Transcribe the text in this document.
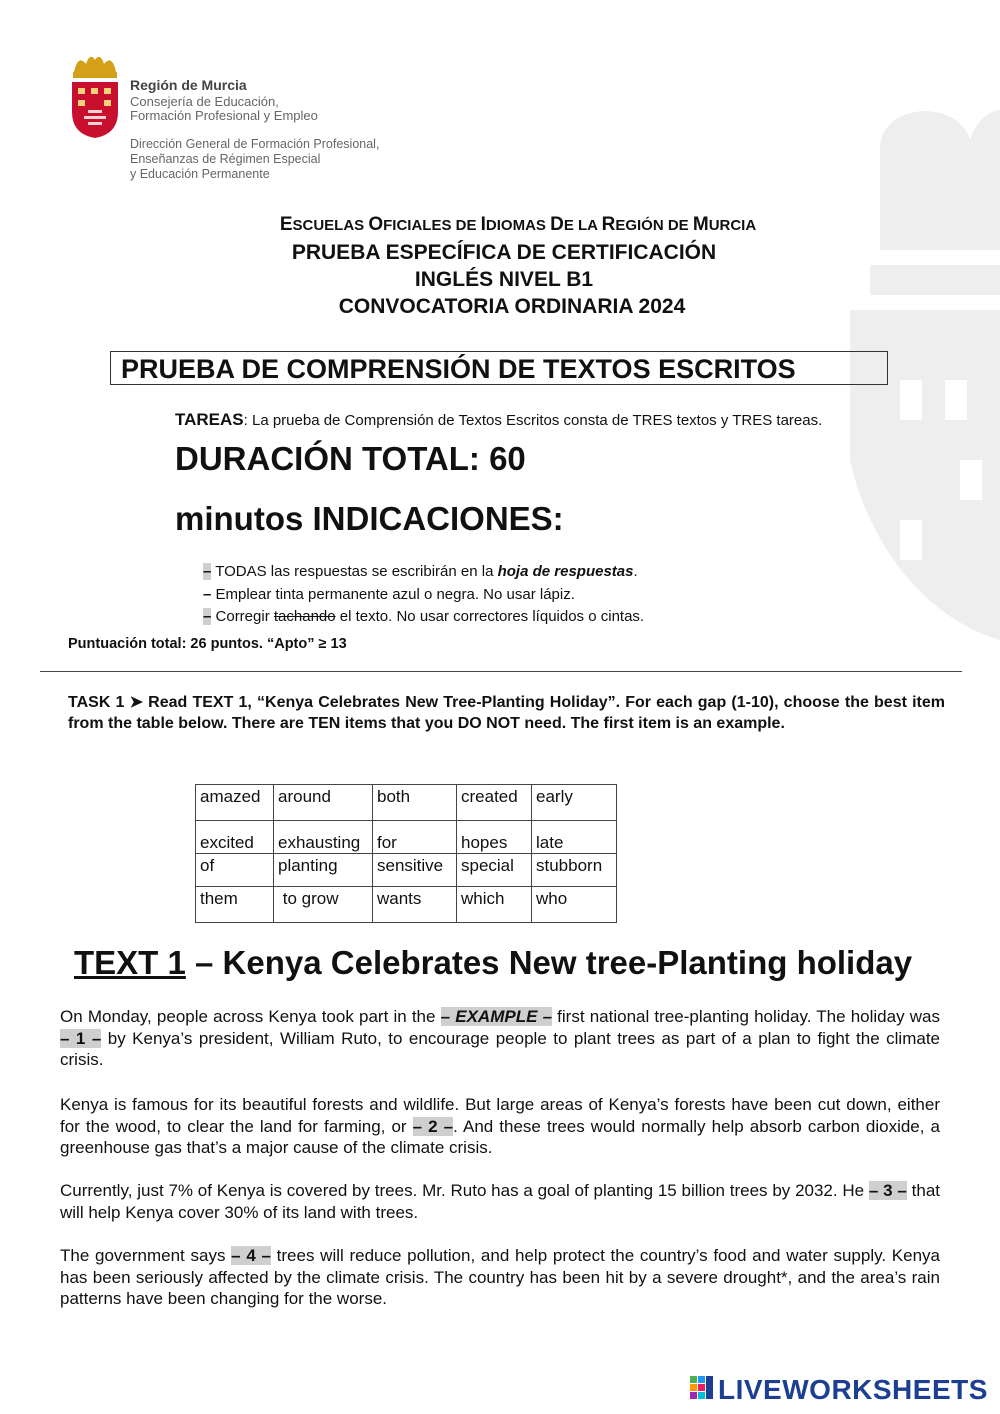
Región de Murcia
Consejería de Educación,
Formación Profesional y Empleo
Dirección General de Formación Profesional,
Enseñanzas de Régimen Especial
y Educación Permanente
ESCUELAS OFICIALES DE IDIOMAS DE LA REGIÓN DE MURCIA
PRUEBA ESPECÍFICA DE CERTIFICACIÓN
INGLÉS NIVEL B1
CONVOCATORIA ORDINARIA 2024
PRUEBA DE COMPRENSIÓN DE TEXTOS ESCRITOS
TAREAS: La prueba de Comprensión de Textos Escritos consta de TRES textos y TRES tareas.
DURACIÓN TOTAL: 60
minutos INDICACIONES:
– TODAS las respuestas se escribirán en la hoja de respuestas.
– Emplear tinta permanente azul o negra. No usar lápiz.
– Corregir tachando el texto. No usar correctores líquidos o cintas.
Puntuación total: 26 puntos. “Apto” ≥ 13
TASK 1 ➤ Read TEXT 1, “Kenya Celebrates New Tree-Planting Holiday”. For each gap (1-10), choose the best item from the table below. There are TEN items that you DO NOT need. The first item is an example.
amazed	around	both	created	early
excited	exhausting	for	hopes	late
of	planting	sensitive	special	stubborn
them	to grow	wants	which	who
TEXT 1 – Kenya Celebrates New tree-Planting holiday
On Monday, people across Kenya took part in the – EXAMPLE – first national tree-planting holiday. The holiday was – 1 – by Kenya’s president, William Ruto, to encourage people to plant trees as part of a plan to fight the climate crisis.
Kenya is famous for its beautiful forests and wildlife. But large areas of Kenya’s forests have been cut down, either for the wood, to clear the land for farming, or – 2 –. And these trees would normally help absorb carbon dioxide, a greenhouse gas that’s a major cause of the climate crisis.
Currently, just 7% of Kenya is covered by trees. Mr. Ruto has a goal of planting 15 billion trees by 2032. He – 3 – that will help Kenya cover 30% of its land with trees.
The government says – 4 – trees will reduce pollution, and help protect the country’s food and water supply. Kenya has been seriously affected by the climate crisis. The country has been hit by a severe drought*, and the area’s rain patterns have been changing for the worse.
LIVEWORKSHEETS
